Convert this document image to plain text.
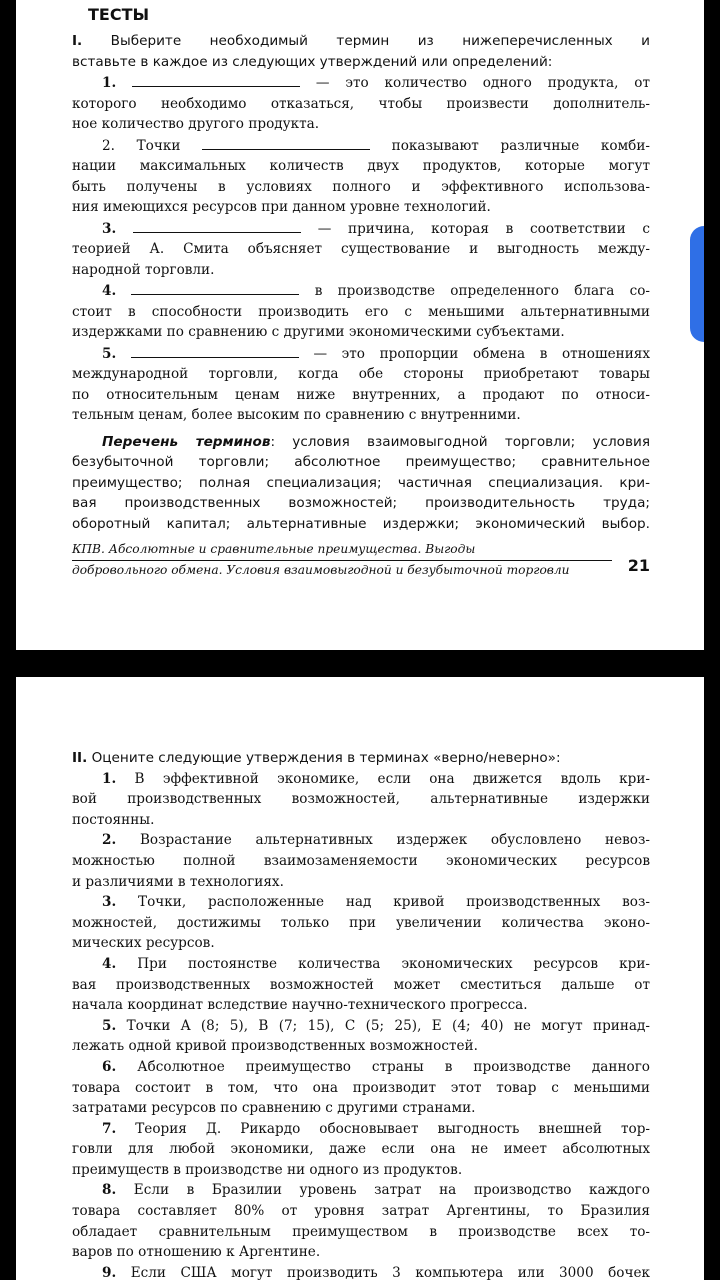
ТЕСТЫ
I. Выберите необходимый термин из нижеперечисленных и
вставьте в каждое из следующих утверждений или определений:
1.	— это количество одного продукта, от
которого необходимо отказаться, чтобы произвести дополнитель-
ное количество другого продукта.
2. Точки	показывают различные комби-
нации максимальных количеств двух продуктов, которые могут
быть получены в условиях полного и эффективного использова-
ния имеющихся ресурсов при данном уровне технологий.
3.	— причина, которая в соответствии с
теорией А. Смита объясняет существование и выгодность между-
народной торговли.
4.	в производстве определенного блага со-
стоит в способности производить его с меньшими альтернативными
издержками по сравнению с другими экономическими субъектами.
5.	— это пропорции обмена в отношениях
международной торговли, когда обе стороны приобретают товары
по относительным ценам ниже внутренних, а продают по относи-
тельным ценам, более высоким по сравнению с внутренними.
Перечень терминов: условия взаимовыгодной торговли; условия
безубыточной торговли; абсолютное преимущество; сравнительное
преимущество; полная специализация; частичная специализация. кри-
вая производственных возможностей; производительность труда;
оборотный капитал; альтернативные издержки; экономический выбор.
КПВ. Абсолютные и сравнительные преимущества. Выгоды
добровольного обмена. Условия взаимовыгодной и безубыточной торговли	21
II. Оцените следующие утверждения в терминах «верно/неверно»:
1. В эффективной экономике, если она движется вдоль кри-
вой производственных возможностей, альтернативные издержки
постоянны.
2. Возрастание альтернативных издержек обусловлено невоз-
можностью полной взаимозаменяемости экономических ресурсов
и различиями в технологиях.
3. Точки, расположенные над кривой производственных воз-
можностей, достижимы только при увеличении количества эконо-
мических ресурсов.
4. При постоянстве количества экономических ресурсов кри-
вая производственных возможностей может сместиться дальше от
начала координат вследствие научно-технического прогресса.
5. Точки A (8; 5), B (7; 15), C (5; 25), E (4; 40) не могут принад-
лежать одной кривой производственных возможностей.
6. Абсолютное преимущество страны в производстве данного
товара состоит в том, что она производит этот товар с меньшими
затратами ресурсов по сравнению с другими странами.
7. Теория Д. Рикардо обосновывает выгодность внешней тор-
говли для любой экономики, даже если она не имеет абсолютных
преимуществ в производстве ни одного из продуктов.
8. Если в Бразилии уровень затрат на производство каждого
товара составляет 80% от уровня затрат Аргентины, то Бразилия
обладает сравнительным преимуществом в производстве всех то-
варов по отношению к Аргентине.
9. Если США могут производить 3 компьютера или 3000 бочек
